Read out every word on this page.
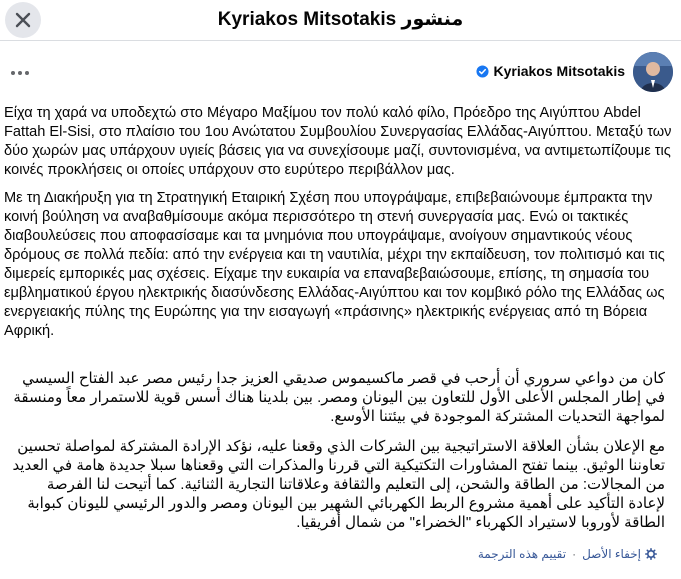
منشور Kyriakos Mitsotakis
Kyriakos Mitsotakis

Είχα τη χαρά να υποδεχτώ στο Μέγαρο Μαξίμου τον πολύ καλό φίλο, Πρόεδρο της Αιγύπτου Abdel Fattah El-Sisi, στο πλαίσιο του 1ου Ανώτατου Συμβουλίου Συνεργασίας Ελλάδας-Αιγύπτου. Μεταξύ των δύο χωρών μας υπάρχουν υγιείς βάσεις για να συνεχίσουμε μαζί, συντονισμένα, να αντιμετωπίζουμε τις κοινές προκλήσεις οι οποίες υπάρχουν στο ευρύτερο περιβάλλον μας.

Με τη Διακήρυξη για τη Στρατηγική Εταιρική Σχέση που υπογράψαμε, επιβεβαιώνουμε έμπρακτα την κοινή βούληση να αναβαθμίσουμε ακόμα περισσότερο τη στενή συνεργασία μας. Ενώ οι τακτικές διαβουλεύσεις που αποφασίσαμε και τα μνημόνια που υπογράψαμε, ανοίγουν σημαντικούς νέους δρόμους σε πολλά πεδία: από την ενέργεια και τη ναυτιλία, μέχρι την εκπαίδευση, τον πολιτισμό και τις διμερείς εμπορικές μας σχέσεις. Είχαμε την ευκαιρία να επαναβεβαιώσουμε, επίσης, τη σημασία του εμβληματικού έργου ηλεκτρικής διασύνδεσης Ελλάδας-Αιγύπτου και τον κομβικό ρόλο της Ελλάδας ως ενεργειακής πύλης της Ευρώπης για την εισαγωγή «πράσινης» ηλεκτρικής ενέργειας από τη Βόρεια Αφρική.

كان من دواعي سروري أن أرحب في قصر ماكسيموس صديقي العزيز جدا رئيس مصر عبد الفتاح السيسي في إطار المجلس الأعلى الأول للتعاون بين اليونان ومصر. بين بلدينا هناك أسس قوية للاستمرار معاً ومنسقة لمواجهة التحديات المشتركة الموجودة في بيئتنا الأوسع.

مع الإعلان بشأن العلاقة الاستراتيجية بين الشركات الذي وقعنا عليه، نؤكد الإرادة المشتركة لمواصلة تحسين تعاوننا الوثيق. بينما تفتح المشاورات التكتيكية التي قررنا والمذكرات التي وقعناها سبلا جديدة هامة في العديد من المجالات: من الطاقة والشحن، إلى التعليم والثقافة وعلاقاتنا التجارية الثنائية. كما أتيحت لنا الفرصة لإعادة التأكيد على أهمية مشروع الربط الكهربائي الشهير بين اليونان ومصر والدور الرئيسي لليونان كبوابة الطاقة لأوروبا لاستيراد الكهرباء "الخضراء" من شمال أفريقيا.

إخفاء الأصل
·
تقييم هذه الترجمة
